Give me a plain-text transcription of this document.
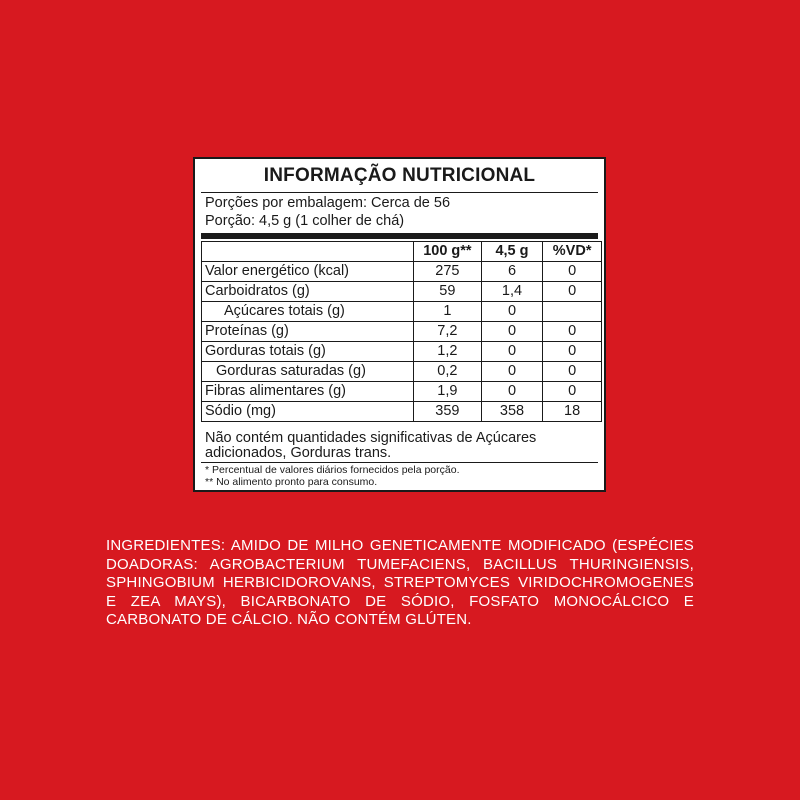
INFORMAÇÃO NUTRICIONAL
Porções por embalagem: Cerca de 56
Porção: 4,5 g (1 colher de chá)
	100 g**	4,5 g	%VD*
Valor energético (kcal)	275	6	0
Carboidratos (g)	59	1,4	0
Açúcares totais (g)	1	0	
Proteínas (g)	7,2	0	0
Gorduras totais (g)	1,2	0	0
Gorduras saturadas (g)	0,2	0	0
Fibras alimentares (g)	1,9	0	0
Sódio (mg)	359	358	18
Não contém quantidades significativas de Açúcares adicionados, Gorduras trans.
* Percentual de valores diários fornecidos pela porção.
** No alimento pronto para consumo.
INGREDIENTES: AMIDO DE MILHO GENETICAMENTE MODIFICADO (ESPÉCIES DOADORAS: AGROBACTERIUM TUMEFACIENS, BACILLUS THURINGIENSIS, SPHINGOBIUM HERBICIDOROVANS, STREPTOMYCES VIRIDOCHROMOGENES E ZEA MAYS), BICARBONATO DE SÓDIO, FOSFATO MONOCÁLCICO E CARBONATO DE CÁLCIO. NÃO CONTÉM GLÚTEN.
